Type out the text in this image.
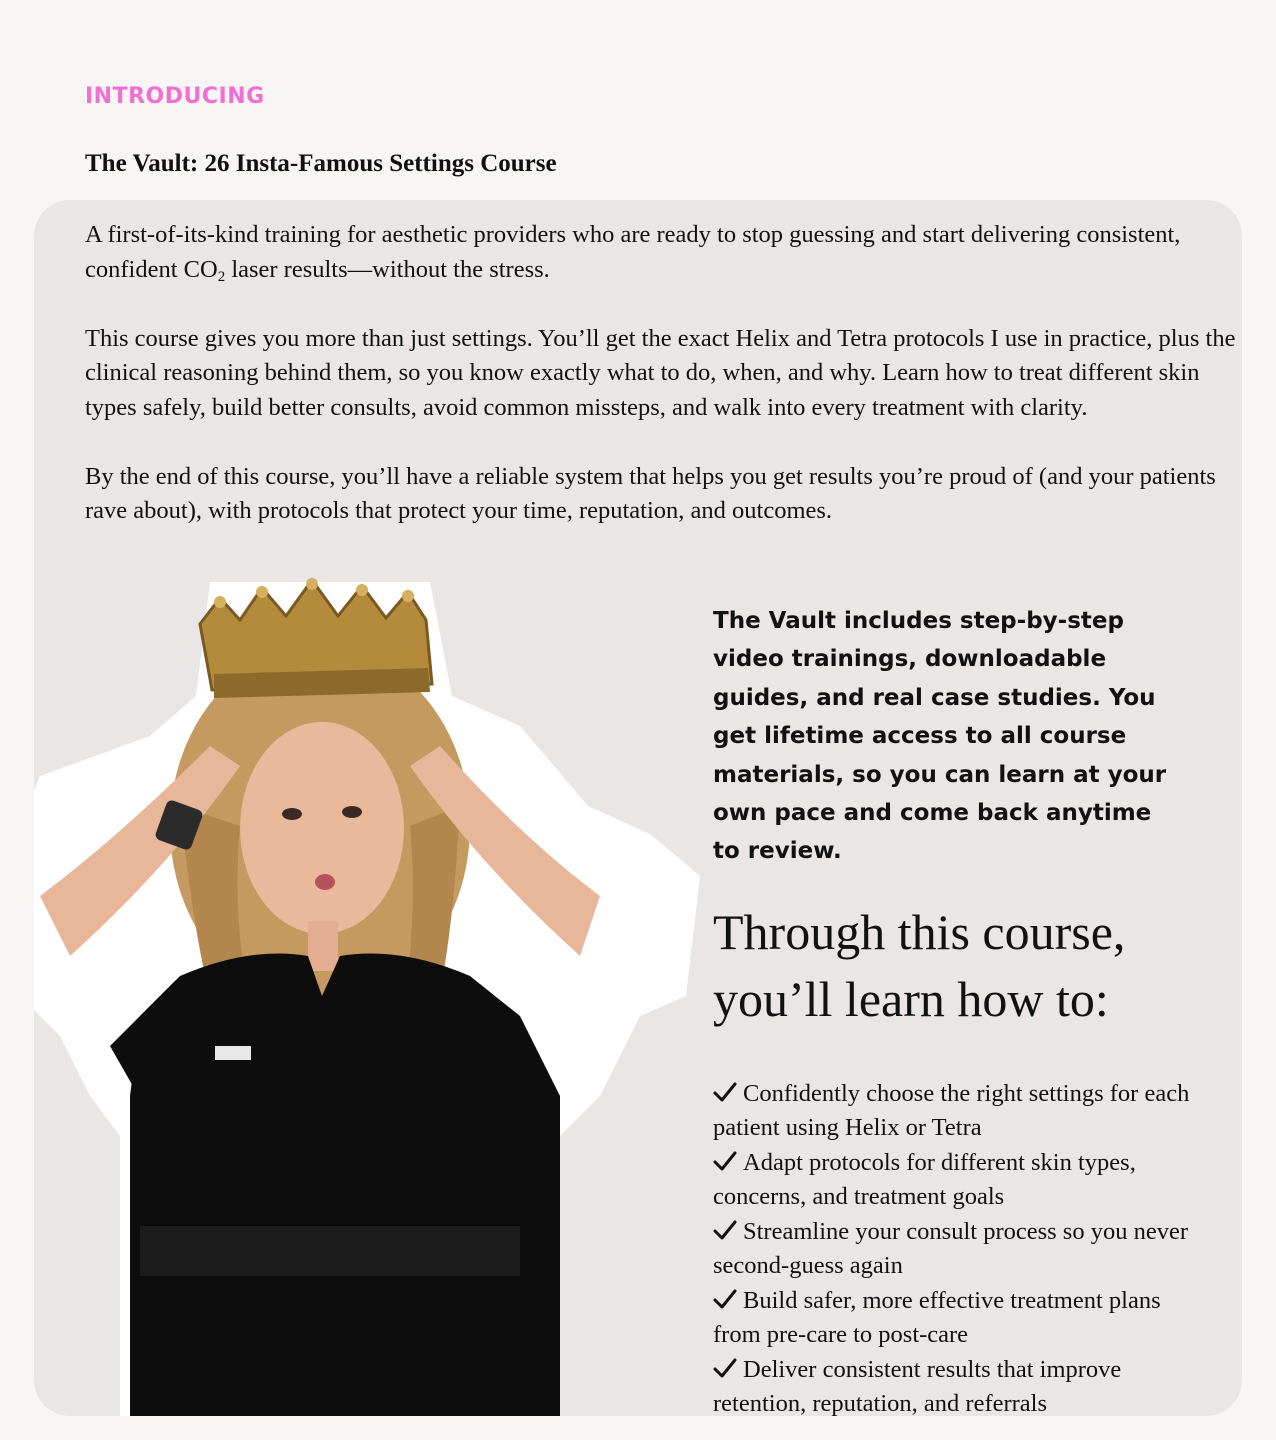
INTRODUCING
The Vault: 26 Insta-Famous Settings Course

A first-of-its-kind training for aesthetic providers who are ready to stop guessing and start delivering consistent, confident $CO_2$ laser results—without the stress.

This course gives you more than just settings. You’ll get the exact Helix and Tetra protocols I use in practice, plus the clinical reasoning behind them, so you know exactly what to do, when, and why. Learn how to treat different skin types safely, build better consults, avoid common missteps, and walk into every treatment with clarity.

By the end of this course, you’ll have a reliable system that helps you get results you’re proud of (and your patients rave about), with protocols that protect your time, reputation, and outcomes.

The Vault includes step-by-step video trainings, downloadable guides, and real case studies. You get lifetime access to all course materials, so you can learn at your own pace and come back anytime to review.

Through this course, you’ll learn how to:
Confidently choose the right settings for each patient using Helix or Tetra
Adapt protocols for different skin types, concerns, and treatment goals
Streamline your consult process so you never second-guess again
Build safer, more effective treatment plans from pre-care to post-care
Deliver consistent results that improve retention, reputation, and referrals
